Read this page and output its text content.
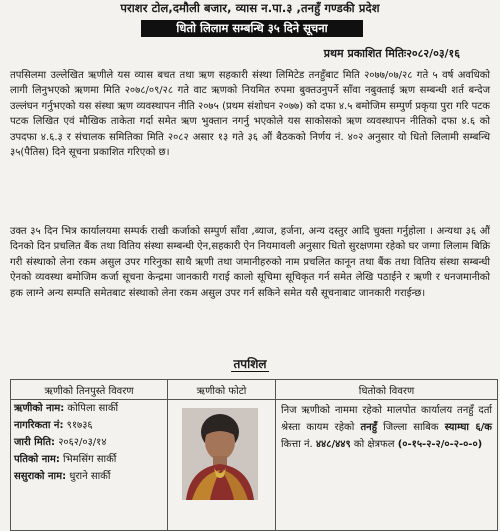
पराशर टोल,दमौली बजार, व्यास न.पा.३ ,तनहुँ गण्डकी प्रदेश
धितो लिलाम सम्बन्धि ३५ दिने सूचना
प्रथम प्रकाशित मितिः२०८२/०३/१६

तपसिलमा उल्लेखित ऋणीले यस व्यास बचत तथा ऋण सहकारी संस्था लिमिटेड तनहुँबाट मिति २०७७/०७/२८ गते ५ वर्ष अवधिको लागी लिनुभएको ऋणमा मिति २०७८/०९/२८ गते वाट ऋणको नियमित रुपमा बुक्तउनुपर्ने साँवा नबुक्ताई ऋण सम्बन्धी शर्त बन्देज उल्लंघन गर्नुभएको यस संस्था ऋण व्यवस्थापन नीति २०७५ (प्रथम संशोधन २०७७) को दफा ४.५ बमोजिम सम्पुर्ण प्रकृया पुरा गरि पटक पटक लिखित एवं मौखिक ताकेता गर्दा समेत ऋण भुक्तान नगर्नु भएकोले यस साकोसको ऋण व्यवस्थापन नीतिको दफा ४.६ को उपदफा ४.६.३ र संचालक समितिका मिति २०८२ असार १३ गते ३६ औं बैठकको निर्णय नं. ४०२ अनुसार यो धितो लिलामी सम्बन्धि ३५(पैतिस) दिने सूचना प्रकाशित गरिएको छ।

उक्त ३५ दिन भित्र कार्यालयमा सम्पर्क राखी कर्जाको सम्पुर्ण साँवा ,ब्याज, हर्जना, अन्य दस्तुर आदि चुक्ता गर्नुहोला । अन्यथा ३६ औं दिनको दिन प्रचलित बैंक तथा वितिय संस्था सम्बन्धी ऐन,सहकारी ऐन नियमावली अनुसार धितो सुरक्षणमा रहेको घर जग्गा लिलाम बिक्रि गरी संस्थाको लेना रकम असुल उपर गरिनुका साथै ऋणी तथा जमानीहरुको नाम प्रचलित कानून तथा बैंक तथा वितिय संस्था सम्बन्धी ऐनको व्यवस्था बमोजिम कर्जा सूचना केन्द्रमा जानकारी गराई कालो सूचिमा सूचिकृत गर्न समेत लेखि पठाईने र ऋणी र धनजमानीको हक लाग्ने अन्य सम्पति समेतबाट संस्थाको लेना रकम असुल उपर गर्न सकिने समेत यसै सूचनाबाट जानकारी गराईन्छ।

तपशिल
ऋणीको तिनपुस्ते विवरण	ऋणीको फोटो	धितोको विवरण

ऋणीको नाम: कोपिला सार्की
नागरिकता नं: ९१७३६
जारी मिति: २०६२/०३/१४
पतिको नाम: भिमसिंग सार्की
ससुराको नाम: धुराने सार्की		निज ऋणीको नाममा रहेको मालपोत कार्यालय तनहुँ दर्ता श्रेस्ता कायम रहेको तनहुँ जिल्ला साबिक स्याम्घा ६/क कित्ता नं. ४४८/४४९ को क्षेत्रफल (०-१५-२-२/०-२-०-०)
